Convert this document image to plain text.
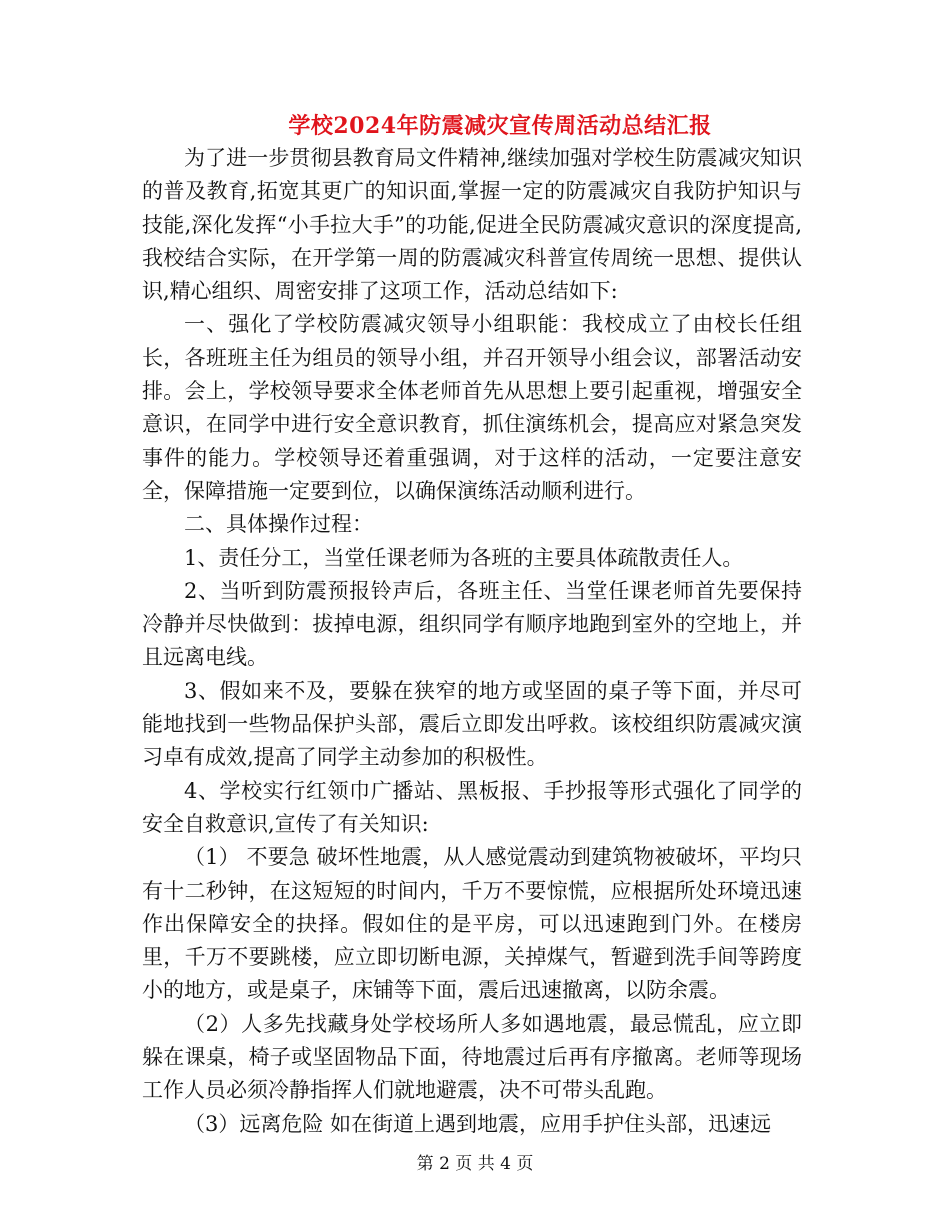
学校2024年防震减灾宣传周活动总结汇报

为了进一步贯彻县教育局文件精神,继续加强对学校生防震减灾知识的普及教育,拓宽其更广的知识面,掌握一定的防震减灾自我防护知识与技能,深化发挥“小手拉大手”的功能,促进全民防震减灾意识的深度提高,我校结合实际，在开学第一周的防震减灾科普宣传周统一思想、提供认识,精心组织、周密安排了这项工作，活动总结如下:

一、强化了学校防震减灾领导小组职能：我校成立了由校长任组长，各班班主任为组员的领导小组，并召开领导小组会议，部署活动安排。会上，学校领导要求全体老师首先从思想上要引起重视，增强安全意识，在同学中进行安全意识教育，抓住演练机会，提高应对紧急突发事件的能力。学校领导还着重强调，对于这样的活动，一定要注意安全，保障措施一定要到位，以确保演练活动顺利进行。

二、具体操作过程：

1、责任分工，当堂任课老师为各班的主要具体疏散责任人。

2、当听到防震预报铃声后，各班主任、当堂任课老师首先要保持冷静并尽快做到：拔掉电源，组织同学有顺序地跑到室外的空地上，并且远离电线。

3、假如来不及，要躲在狭窄的地方或坚固的桌子等下面，并尽可能地找到一些物品保护头部，震后立即发出呼救。该校组织防震减灾演习卓有成效,提高了同学主动参加的积极性。

4、学校实行红领巾广播站、黑板报、手抄报等形式强化了同学的安全自救意识,宣传了有关知识:

（1） 不要急 破坏性地震，从人感觉震动到建筑物被破坏，平均只有十二秒钟，在这短短的时间内，千万不要惊慌，应根据所处环境迅速作出保障安全的抉择。假如住的是平房，可以迅速跑到门外。在楼房里，千万不要跳楼，应立即切断电源，关掉煤气，暂避到洗手间等跨度小的地方，或是桌子，床铺等下面，震后迅速撤离，以防余震。

（2）人多先找藏身处学校场所人多如遇地震，最忌慌乱，应立即躲在课桌，椅子或坚固物品下面，待地震过后再有序撤离。老师等现场工作人员必须冷静指挥人们就地避震，决不可带头乱跑。

（3）远离危险 如在街道上遇到地震，应用手护住头部，迅速远

第 2 页 共 4 页
